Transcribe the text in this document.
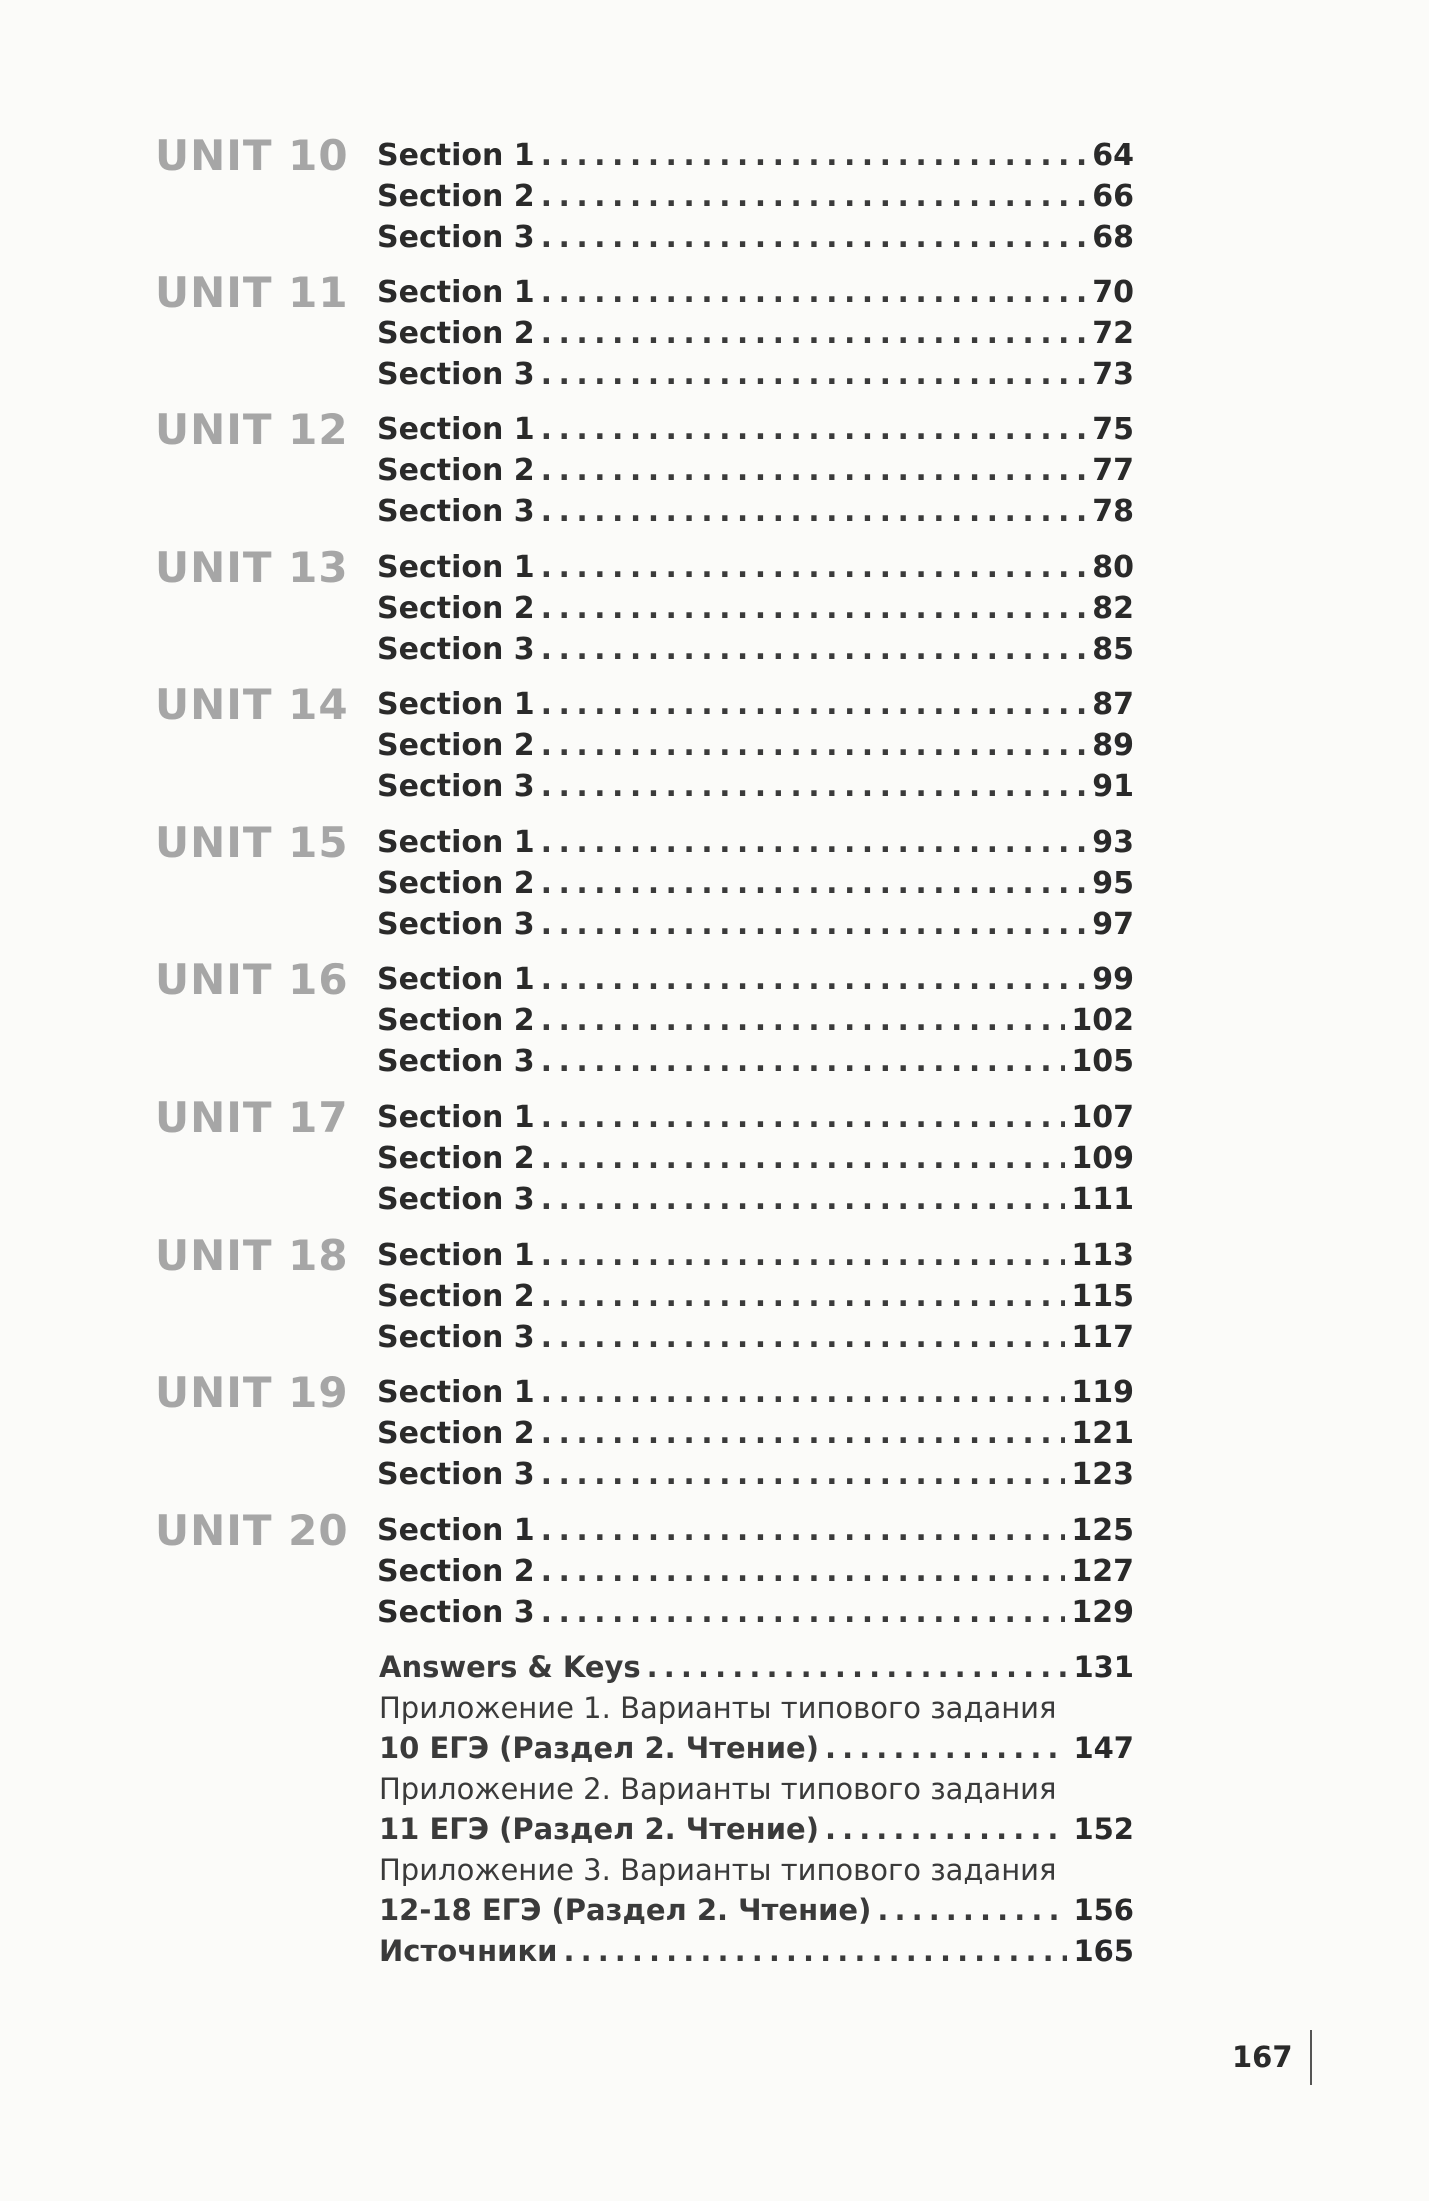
UNIT 10 Section 1 . . .	64
Section 2 . . .	66
Section 3 . . .	68
UNIT 11 Section 1 . . .	70
Section 2 . . .	72
Section 3 . . .	73
UNIT 12 Section 1 . . .	75
Section 2 . . .	77
Section 3 . . .	78
UNIT 13 Section 1 . . .	80
Section 2 . . .	82
Section 3 . . .	85
UNIT 14 Section 1 . . .	87
Section 2 . . .	89
Section 3 . . .	91
UNIT 15 Section 1 . . .	93
Section 2 . . .	95
Section 3 . . .	97
UNIT 16 Section 1 . . .	99
Section 2 . . .	102
Section 3 . . .	105
UNIT 17 Section 1 . . .	107
Section 2 . . .	109
Section 3 . . .	111
UNIT 18 Section 1 . . .	113
Section 2 . . .	115
Section 3 . . .	117
UNIT 19 Section 1 . . .	119
Section 2 . . .	121
Section 3 . . .	123
UNIT 20 Section 1 . . .	125
Section 2 . . .	127
Section 3 . . .	129
Answers & Keys . . .	131
Приложение 1. Варианты типового задания
10 ЕГЭ (Раздел 2. Чтение) . . .	147
Приложение 2. Варианты типового задания
11 ЕГЭ (Раздел 2. Чтение) . . .	152
Приложение 3. Варианты типового задания
12-18 ЕГЭ (Раздел 2. Чтение) . . .	156
Источники . . .	165
167
